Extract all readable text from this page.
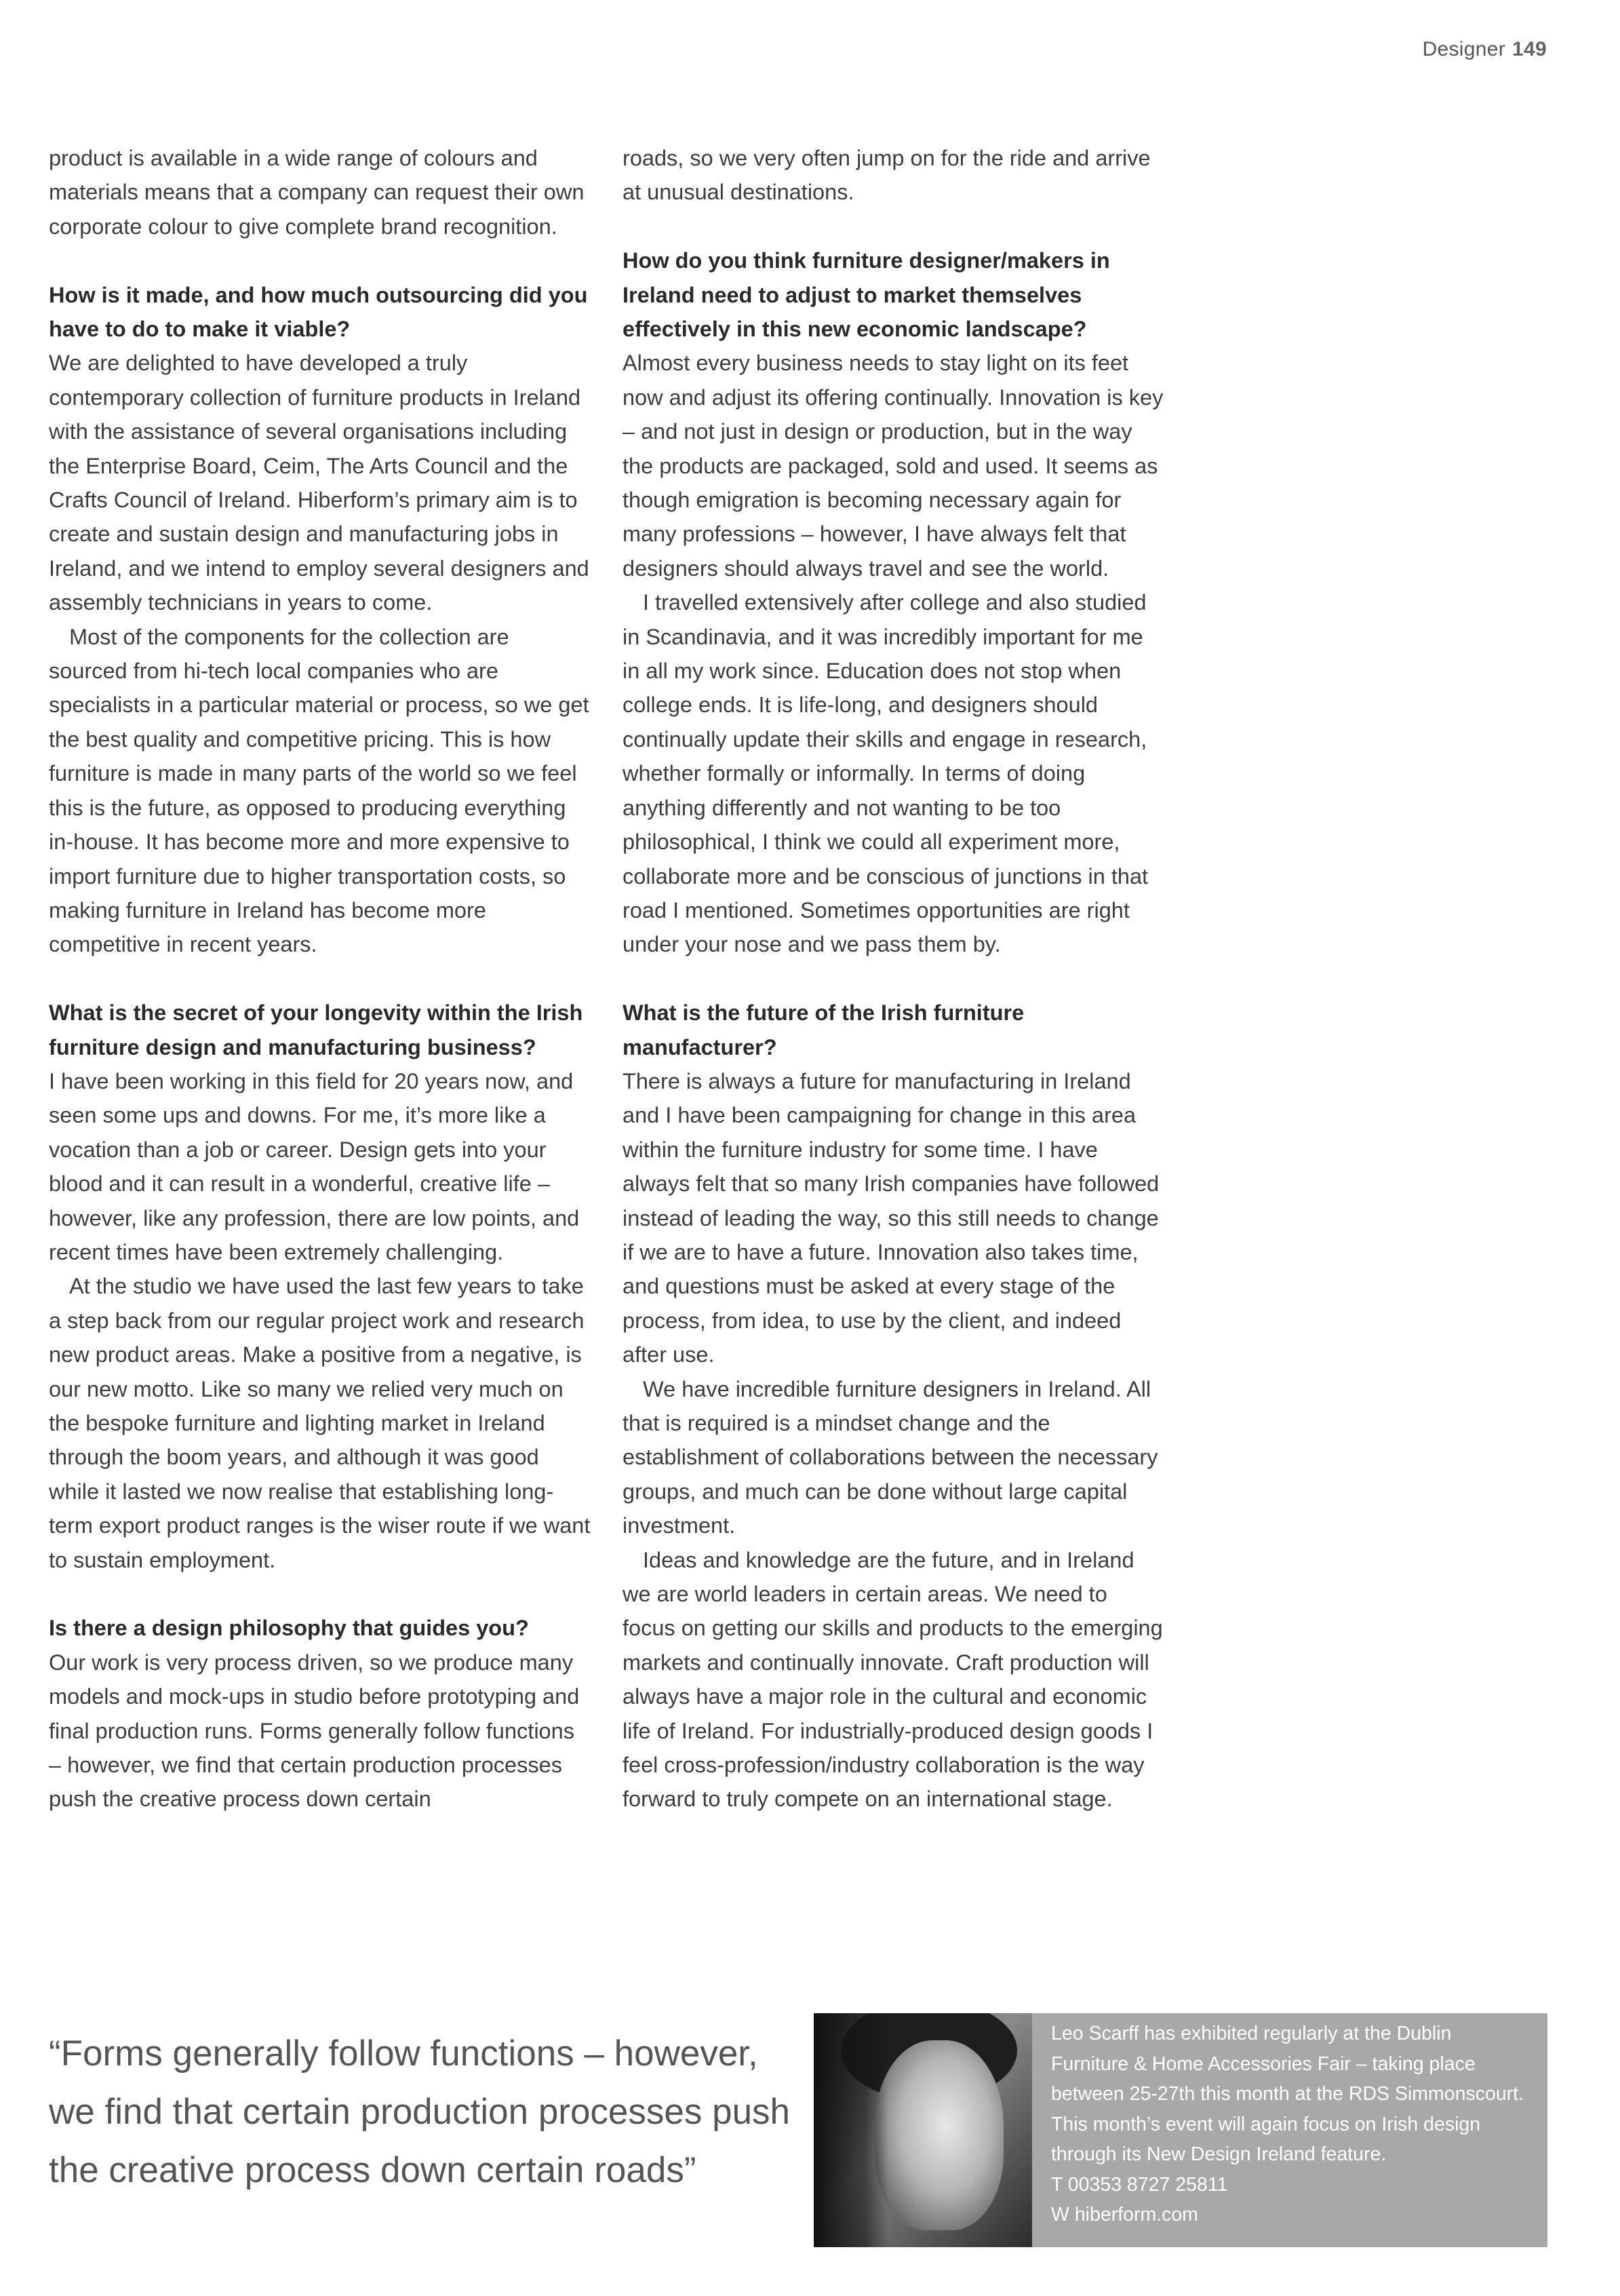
Designer 149

product is available in a wide range of colours and materials means that a company can request their own corporate colour to give complete brand recognition.

How is it made, and how much outsourcing did you have to do to make it viable?

We are delighted to have developed a truly contemporary collection of furniture products in Ireland with the assistance of several organisations including the Enterprise Board, Ceim, The Arts Council and the Crafts Council of Ireland. Hiberform’s primary aim is to create and sustain design and manufacturing jobs in Ireland, and we intend to employ several designers and assembly technicians in years to come.

Most of the components for the collection are sourced from hi-tech local companies who are specialists in a particular material or process, so we get the best quality and competitive pricing. This is how furniture is made in many parts of the world so we feel this is the future, as opposed to producing everything in-house. It has become more and more expensive to import furniture due to higher transportation costs, so making furniture in Ireland has become more competitive in recent years.

What is the secret of your longevity within the Irish furniture design and manufacturing business?

I have been working in this field for 20 years now, and seen some ups and downs. For me, it’s more like a vocation than a job or career. Design gets into your blood and it can result in a wonderful, creative life – however, like any profession, there are low points, and recent times have been extremely challenging.

At the studio we have used the last few years to take a step back from our regular project work and research new product areas. Make a positive from a negative, is our new motto. Like so many we relied very much on the bespoke furniture and lighting market in Ireland through the boom years, and although it was good while it lasted we now realise that establishing long-term export product ranges is the wiser route if we want to sustain employment.

Is there a design philosophy that guides you?

Our work is very process driven, so we produce many models and mock-ups in studio before prototyping and final production runs. Forms generally follow functions – however, we find that certain production processes push the creative process down certain

roads, so we very often jump on for the ride and arrive at unusual destinations.

How do you think furniture designer/makers in Ireland need to adjust to market themselves effectively in this new economic landscape?

Almost every business needs to stay light on its feet now and adjust its offering continually. Innovation is key – and not just in design or production, but in the way the products are packaged, sold and used. It seems as though emigration is becoming necessary again for many professions – however, I have always felt that designers should always travel and see the world.

I travelled extensively after college and also studied in Scandinavia, and it was incredibly important for me in all my work since. Education does not stop when college ends. It is life-long, and designers should continually update their skills and engage in research, whether formally or informally. In terms of doing anything differently and not wanting to be too philosophical, I think we could all experiment more, collaborate more and be conscious of junctions in that road I mentioned. Sometimes opportunities are right under your nose and we pass them by.

What is the future of the Irish furniture manufacturer?

There is always a future for manufacturing in Ireland and I have been campaigning for change in this area within the furniture industry for some time. I have always felt that so many Irish companies have followed instead of leading the way, so this still needs to change if we are to have a future. Innovation also takes time, and questions must be asked at every stage of the process, from idea, to use by the client, and indeed after use.

We have incredible furniture designers in Ireland. All that is required is a mindset change and the establishment of collaborations between the necessary groups, and much can be done without large capital investment.

Ideas and knowledge are the future, and in Ireland we are world leaders in certain areas. We need to focus on getting our skills and products to the emerging markets and continually innovate. Craft production will always have a major role in the cultural and economic life of Ireland. For industrially-produced design goods I feel cross-profession/industry collaboration is the way forward to truly compete on an international stage.

“Forms generally follow functions – however, we find that certain production processes push the creative process down certain roads”

Leo Scarff has exhibited regularly at the Dublin Furniture & Home Accessories Fair – taking place between 25-27th this month at the RDS Simmonscourt. This month’s event will again focus on Irish design through its New Design Ireland feature.

T 00353 8727 25811

W hiberform.com
